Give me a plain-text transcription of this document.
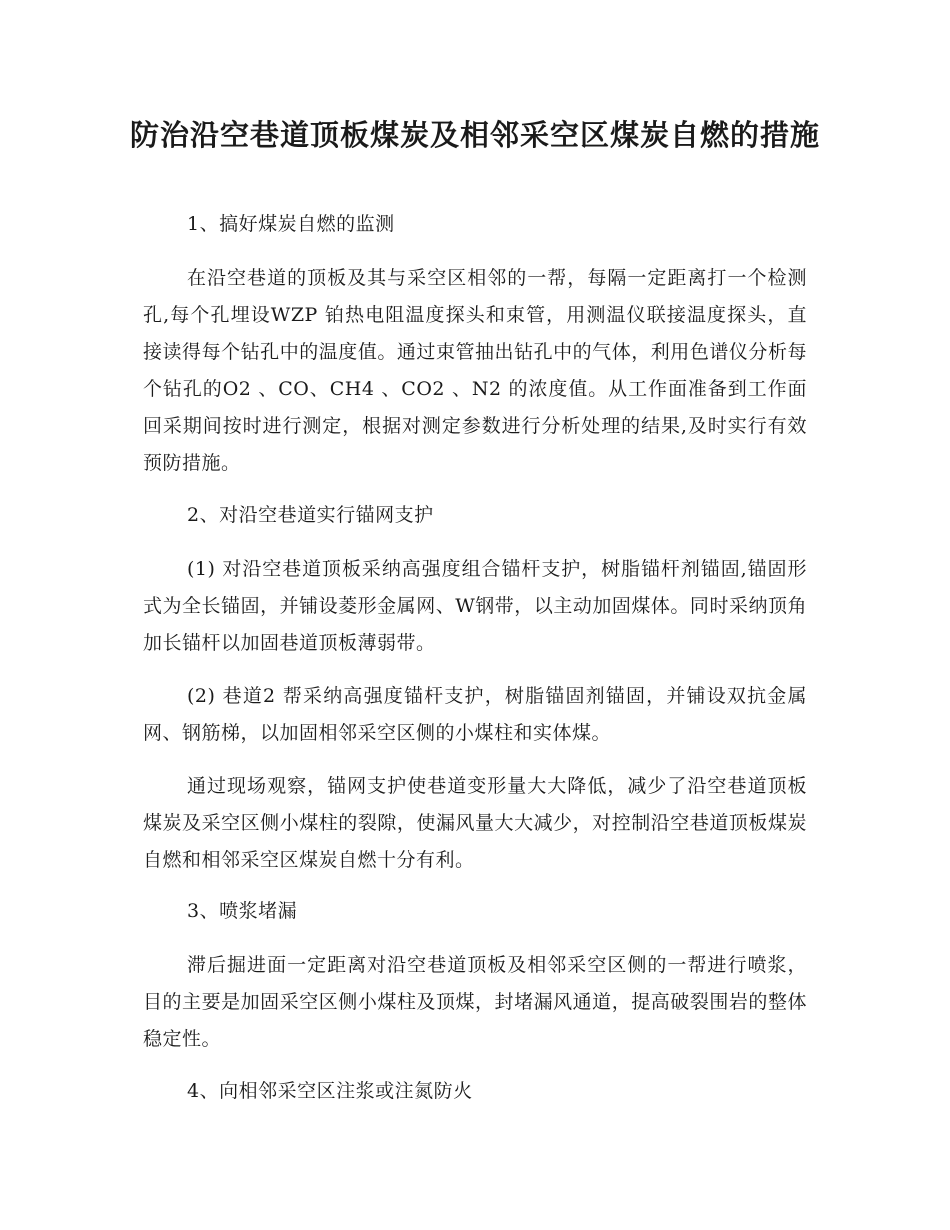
防治沿空巷道顶板煤炭及相邻采空区煤炭自燃的措施

1、搞好煤炭自燃的监测

在沿空巷道的顶板及其与采空区相邻的一帮，每隔一定距离打一个检测孔,每个孔埋设WZP 铂热电阻温度探头和束管，用测温仪联接温度探头，直接读得每个钻孔中的温度值。通过束管抽出钻孔中的气体，利用色谱仪分析每个钻孔的O2 、CO、CH4 、CO2 、N2 的浓度值。从工作面准备到工作面回采期间按时进行测定，根据对测定参数进行分析处理的结果,及时实行有效预防措施。

2、对沿空巷道实行锚网支护

(1) 对沿空巷道顶板采纳高强度组合锚杆支护，树脂锚杆剂锚固,锚固形式为全长锚固，并铺设菱形金属网、W钢带，以主动加固煤体。同时采纳顶角加长锚杆以加固巷道顶板薄弱带。

(2) 巷道2 帮采纳高强度锚杆支护，树脂锚固剂锚固，并铺设双抗金属网、钢筋梯，以加固相邻采空区侧的小煤柱和实体煤。

通过现场观察，锚网支护使巷道变形量大大降低，减少了沿空巷道顶板煤炭及采空区侧小煤柱的裂隙，使漏风量大大减少，对控制沿空巷道顶板煤炭自燃和相邻采空区煤炭自燃十分有利。

3、喷浆堵漏

滞后掘进面一定距离对沿空巷道顶板及相邻采空区侧的一帮进行喷浆，目的主要是加固采空区侧小煤柱及顶煤，封堵漏风通道，提高破裂围岩的整体稳定性。

4、向相邻采空区注浆或注氮防火
